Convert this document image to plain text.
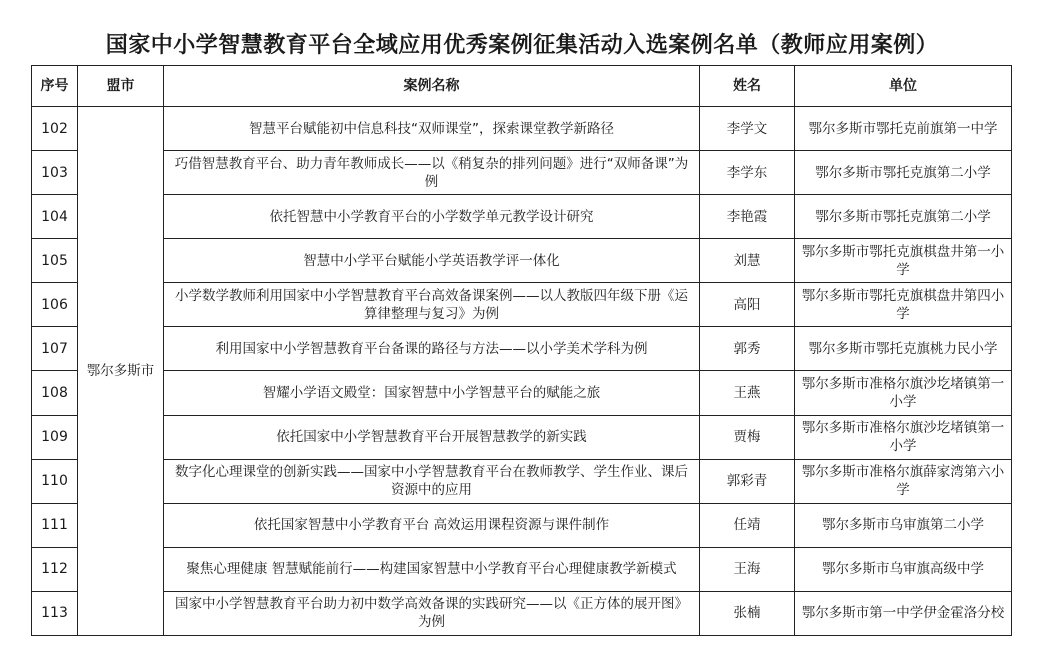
国家中小学智慧教育平台全域应用优秀案例征集活动入选案例名单（教师应用案例）
序号	盟市	案例名称	姓名	单位
102	鄂尔多斯市	智慧平台赋能初中信息科技“双师课堂”，探索课堂教学新路径	李学文	鄂尔多斯市鄂托克前旗第一中学
103		巧借智慧教育平台、助力青年教师成长——以《稍复杂的排列问题》进行“双师备课”为例	李学东	鄂尔多斯市鄂托克旗第二小学
104		依托智慧中小学教育平台的小学数学单元教学设计研究	李艳霞	鄂尔多斯市鄂托克旗第二小学
105		智慧中小学平台赋能小学英语教学评一体化	刘慧	鄂尔多斯市鄂托克旗棋盘井第一小学
106		小学数学教师利用国家中小学智慧教育平台高效备课案例——以人教版四年级下册《运算律整理与复习》为例	高阳	鄂尔多斯市鄂托克旗棋盘井第四小学
107		利用国家中小学智慧教育平台备课的路径与方法——以小学美术学科为例	郭秀	鄂尔多斯市鄂托克旗桃力民小学
108		智耀小学语文殿堂：国家智慧中小学智慧平台的赋能之旅	王燕	鄂尔多斯市准格尔旗沙圪堵镇第一小学
109		依托国家中小学智慧教育平台开展智慧教学的新实践	贾梅	鄂尔多斯市准格尔旗沙圪堵镇第一小学
110		数字化心理课堂的创新实践——国家中小学智慧教育平台在教师教学、学生作业、课后资源中的应用	郭彩青	鄂尔多斯市准格尔旗薛家湾第六小学
111		依托国家智慧中小学教育平台 高效运用课程资源与课件制作	任靖	鄂尔多斯市乌审旗第二小学
112		聚焦心理健康 智慧赋能前行——构建国家智慧中小学教育平台心理健康教学新模式	王海	鄂尔多斯市乌审旗高级中学
113		国家中小学智慧教育平台助力初中数学高效备课的实践研究——以《正方体的展开图》为例	张楠	鄂尔多斯市第一中学伊金霍洛分校
